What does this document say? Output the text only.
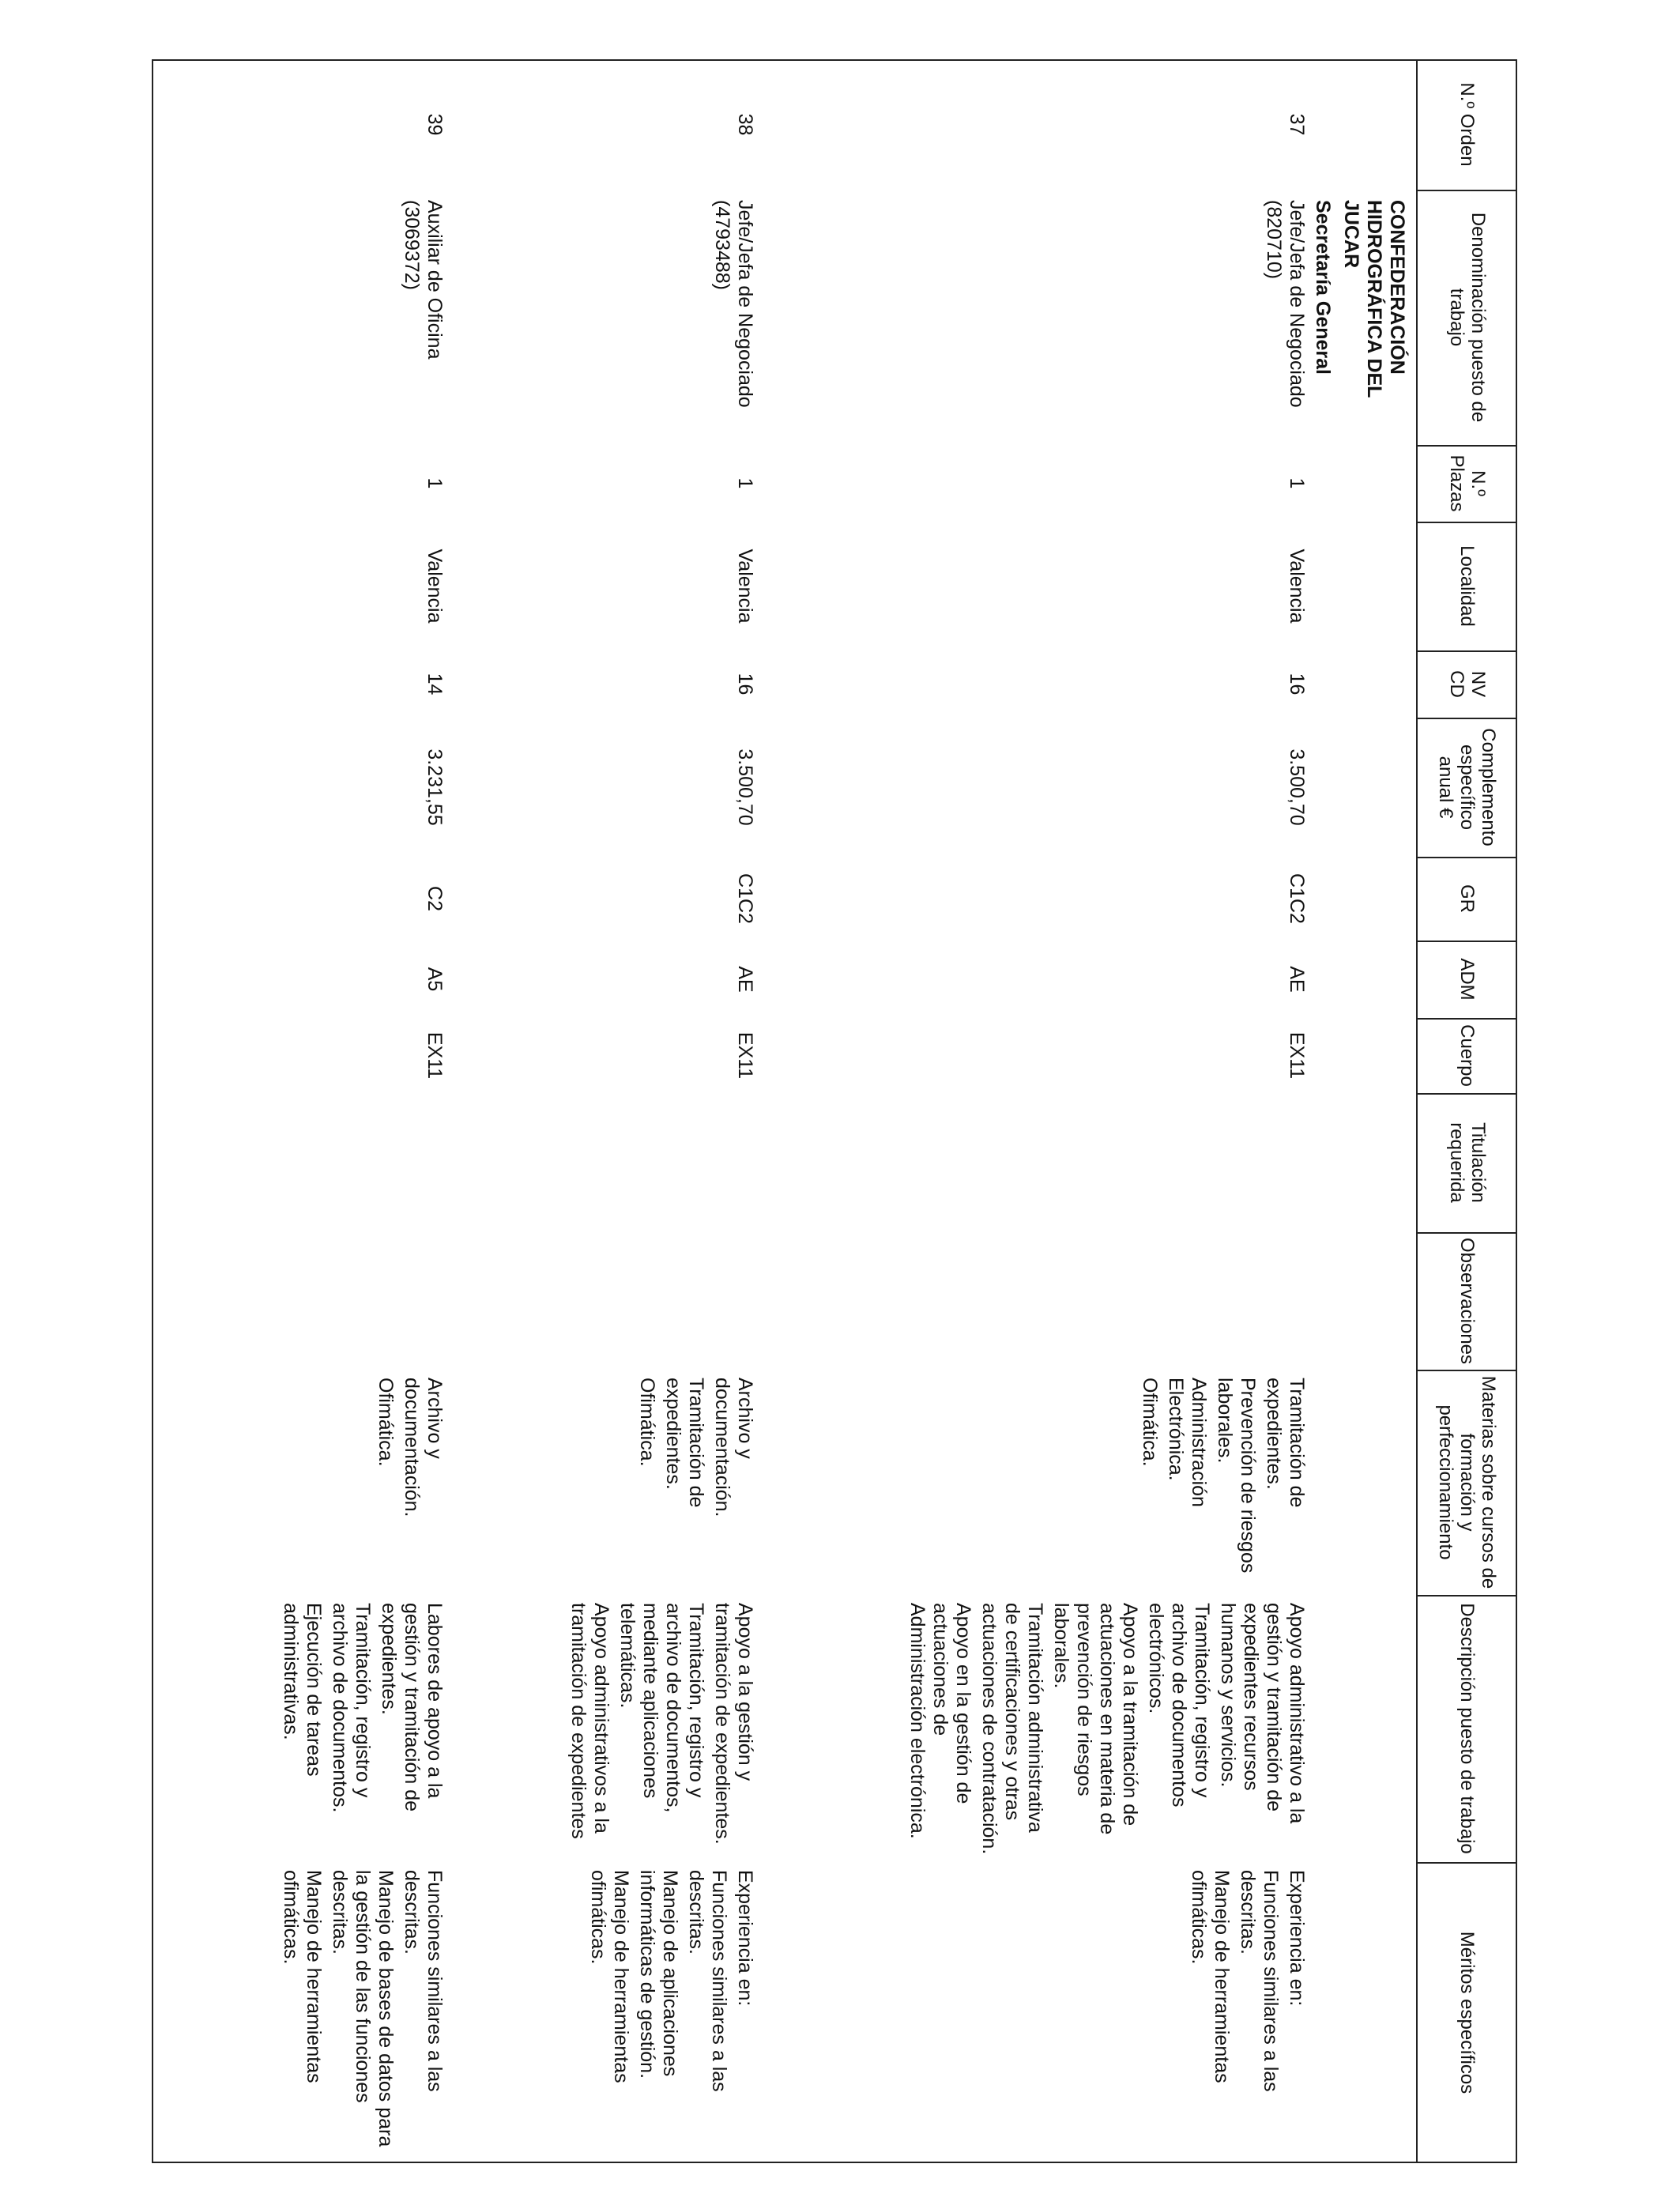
N.º Orden
Denominación puesto de trabajo
N.º Plazas
Localidad
NV CD
Complemento específico anual €
GR
ADM
Cuerpo
Titulación requerida
Observaciones
Materias sobre cursos de formación y perfeccionamiento
Descripción puesto de trabajo
Méritos específicos
CONFEDERACIÓN HIDROGRÁFICA DEL JUCAR
Secretaría General
37
Jefe/Jefa de Negociado (820710)
1
Valencia
16
3.500,70
C1C2
AE
EX11

Tramitación de expedientes.

Prevención de riesgos laborales.

Administración Electrónica.

Ofimática.

Apoyo administrativo a la gestión y tramitación de expedientes recursos humanos y servicios.

Tramitación, registro y archivo de documentos electrónicos.

Apoyo a la tramitación de actuaciones en materia de prevención de riesgos laborales.

Tramitación administrativa de certificaciones y otras actuaciones de contratación.

Apoyo en la gestión de actuaciones de Administración electrónica.

Experiencia en:

Funciones similares a las descritas.

Manejo de herramientas ofimáticas.

38
Jefe/Jefa de Negociado (4793488)
1
Valencia
16
3.500,70
C1C2
AE
EX11

Archivo y documentación.

Tramitación de expedientes.

Ofimática.

Apoyo a la gestión y tramitación de expedientes.

Tramitación, registro y archivo de documentos, mediante aplicaciones telemáticas.

Apoyo administrativos a la tramitación de expedientes

Experiencia en:

Funciones similares a las descritas.

Manejo de aplicaciones informáticas de gestión.

Manejo de herramientas ofimáticas.

39
Auxiliar de Oficina (3069372)
1
Valencia
14
3.231,55
C2
A5
EX11

Archivo y documentación.

Ofimática.

Labores de apoyo a la gestión y tramitación de expedientes.

Tramitación, registro y archivo de documentos.

Ejecución de tareas administrativas.

Funciones similares a las descritas.

Manejo de bases de datos para la gestión de las funciones descritas.

Manejo de herramientas ofimáticas.
